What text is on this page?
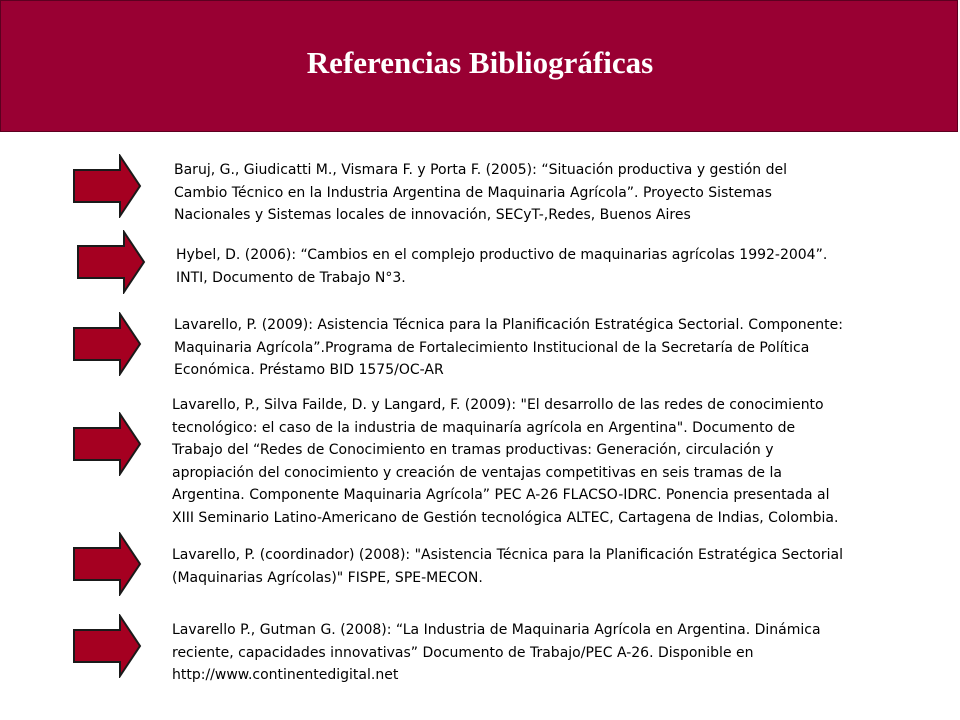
Referencias Bibliográficas
Baruj, G., Giudicatti M., Vismara F. y Porta F. (2005): “Situación productiva y gestión del
Cambio Técnico en la Industria Argentina de Maquinaria Agrícola”. Proyecto Sistemas
Nacionales y Sistemas locales de innovación, SECyT-,Redes, Buenos Aires
Hybel, D. (2006): “Cambios en el complejo productivo de maquinarias agrícolas 1992-2004”.
INTI, Documento de Trabajo N°3.
Lavarello, P. (2009): Asistencia Técnica para la Planificación Estratégica Sectorial. Componente:
Maquinaria Agrícola”.Programa de Fortalecimiento Institucional de la Secretaría de Política
Económica. Préstamo BID 1575/OC-AR
Lavarello, P., Silva Failde, D. y Langard, F. (2009): "El desarrollo de las redes de conocimiento
tecnológico: el caso de la industria de maquinaría agrícola en Argentina". Documento de
Trabajo del “Redes de Conocimiento en tramas productivas: Generación, circulación y
apropiación del conocimiento y creación de ventajas competitivas en seis tramas de la
Argentina. Componente Maquinaria Agrícola” PEC A-26 FLACSO-IDRC. Ponencia presentada al
XIII Seminario Latino-Americano de Gestión tecnológica ALTEC, Cartagena de Indias, Colombia.
Lavarello, P. (coordinador) (2008): "Asistencia Técnica para la Planificación Estratégica Sectorial
(Maquinarias Agrícolas)" FISPE, SPE-MECON.
Lavarello P., Gutman G. (2008): “La Industria de Maquinaria Agrícola en Argentina. Dinámica
reciente, capacidades innovativas” Documento de Trabajo/PEC A-26. Disponible en
http://www.continentedigital.net
